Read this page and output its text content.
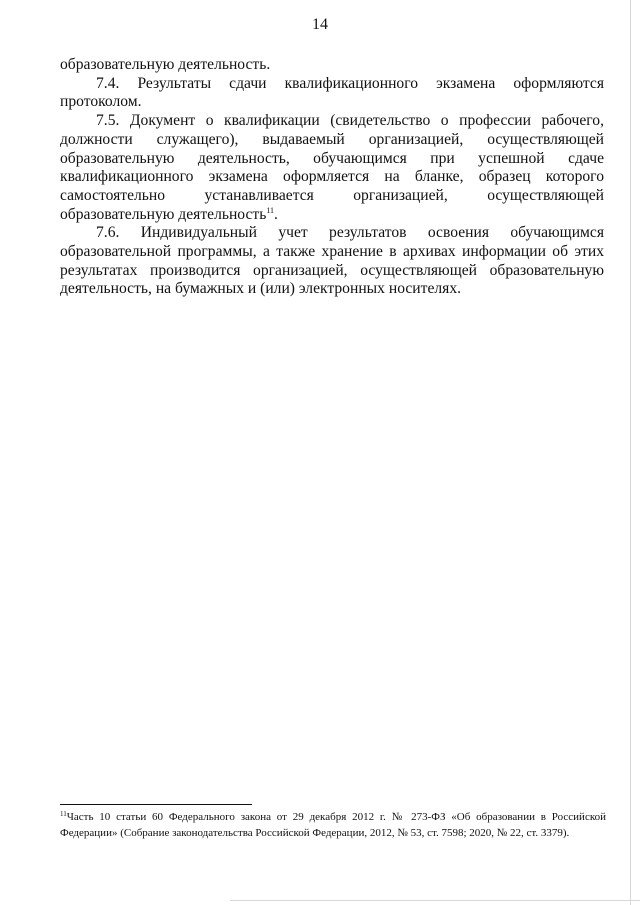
14

образовательную деятельность.

7.4. Результаты сдачи квалификационного экзамена оформляются протоколом.

7.5. Документ о квалификации (свидетельство о профессии рабочего, должности служащего), выдаваемый организацией, осуществляющей образовательную деятельность, обучающимся при успешной сдаче квалификационного экзамена оформляется на бланке, образец которого самостоятельно устанавливается организацией, осуществляющей образовательную деятельность$^{11}$.

7.6. Индивидуальный учет результатов освоения обучающимся образовательной программы, а также хранение в архивах информации об этих результатах производится организацией, осуществляющей образовательную деятельность, на бумажных и (или) электронных носителях.

$^{11}$Часть 10 статьи 60 Федерального закона от 29 декабря 2012 г. № 273-ФЗ «Об образовании в Российской Федерации» (Собрание законодательства Российской Федерации, 2012, № 53, ст. 7598; 2020, № 22, ст. 3379).
